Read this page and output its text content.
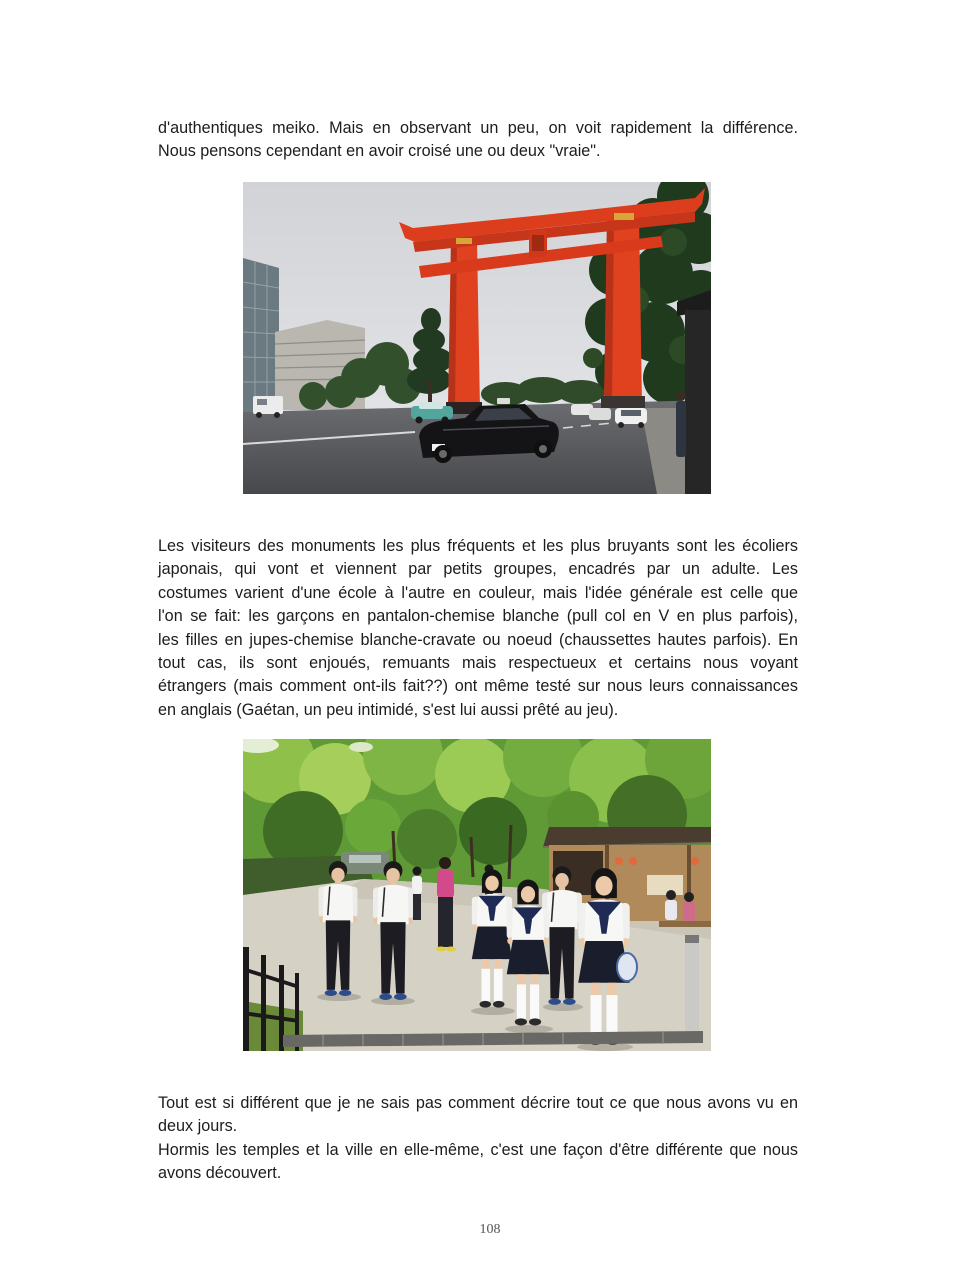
d'authentiques meiko. Mais en observant un peu, on voit rapidement la différence.
Nous pensons cependant en avoir croisé une ou deux "vraie".
Les visiteurs des monuments les plus fréquents et les plus bruyants sont les écoliers
japonais, qui vont et viennent par petits groupes, encadrés par un adulte. Les
costumes varient d'une école à l'autre en couleur, mais l'idée générale est celle que
l'on se fait: les garçons en pantalon-chemise blanche (pull col en V en plus parfois),
les filles en jupes-chemise blanche-cravate ou noeud (chaussettes hautes parfois). En
tout cas, ils sont enjoués, remuants mais respectueux et certains nous voyant
étrangers (mais comment ont-ils fait??) ont même testé sur nous leurs connaissances
en anglais (Gaétan, un peu intimidé, s'est lui aussi prêté au jeu).
Tout est si différent que je ne sais pas comment décrire tout ce que nous avons vu en
deux jours.
Hormis les temples et la ville en elle-même, c'est une façon d'être différente que nous
avons découvert.
108
